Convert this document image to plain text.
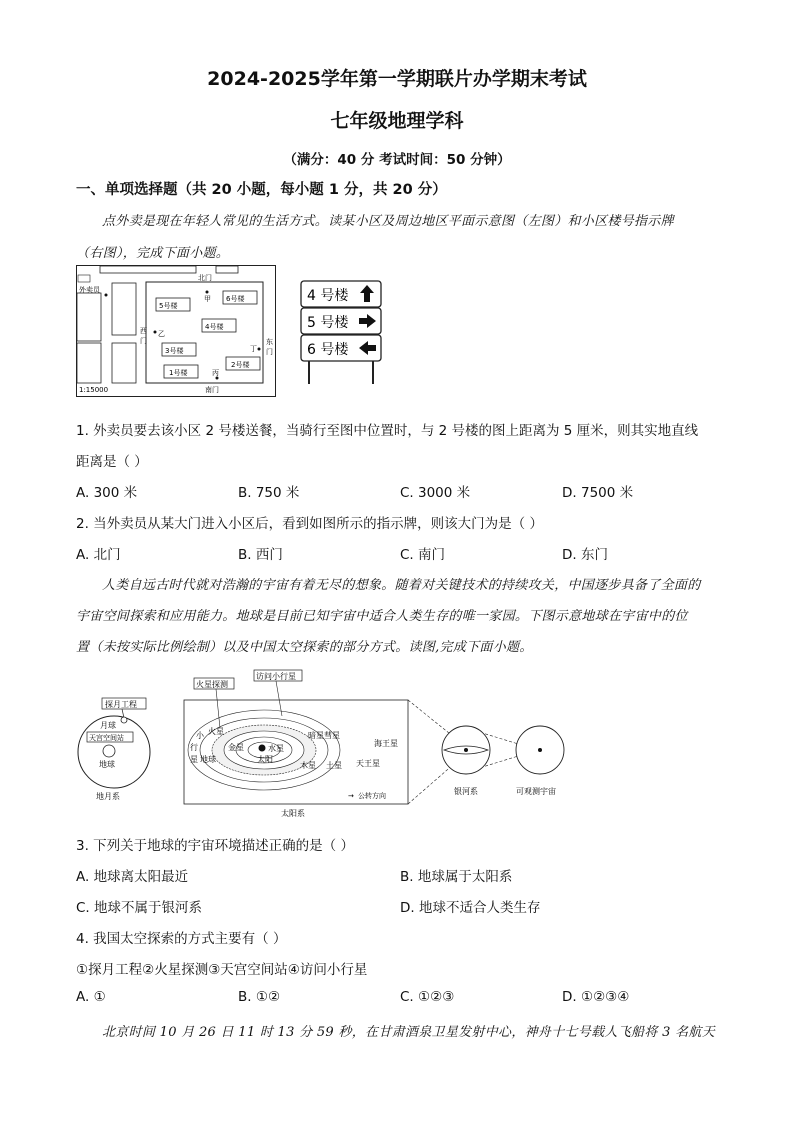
2024-2025学年第一学期联片办学期末考试
七年级地理学科
（满分：40 分 考试时间：50 分钟）
一、单项选择题（共 20 小题，每小题 1 分，共 20 分）
点外卖是现在年轻人常见的生活方式。读某小区及周边地区平面示意图（左图）和小区楼号指示牌
（右图），完成下面小题。
外卖员
北门
甲
西
门
乙
东
门
丁
丙
南门
5号楼
6号楼
4号楼
3号楼
2号楼
1号楼
1:15000
4 号楼
5 号楼
6 号楼
1. 外卖员要去该小区 2 号楼送餐，当骑行至图中位置时，与 2 号楼的图上距离为 5 厘米，则其实地直线
距离是（ ）
A. 300 米	B. 750 米	C. 3000 米	D. 7500 米
2. 当外卖员从某大门进入小区后，看到如图所示的指示牌，则该大门为是（ ）
A. 北门	B. 西门	C. 南门	D. 东门
人类自远古时代就对浩瀚的宇宙有着无尽的想象。随着对关键技术的持续攻关，中国逐步具备了全面的
宇宙空间探索和应用能力。地球是目前已知宇宙中适合人类生存的唯一家园。下图示意地球在宇宙中的位
置（未按实际比例绘制）以及中国太空探索的部分方式。读图,完成下面小题。
探月工程
月球
天宫空间站
地球
地月系
火星探测
访问小行星
小
行
星
火星
金星	水星
太阳
地球
暗星彗星
海王星
木星 土星 天王星
→ 公转方向
太阳系
银河系	可观测宇宙
3. 下列关于地球的宇宙环境描述正确的是（ ）
A. 地球离太阳最近	B. 地球属于太阳系
C. 地球不属于银河系	D. 地球不适合人类生存
4. 我国太空探索的方式主要有（ ）
①探月工程②火星探测③天宫空间站④访问小行星
A. ①	B. ①②	C. ①②③	D. ①②③④
北京时间 10 月 26 日 11 时 13 分 59 秒，在甘肃酒泉卫星发射中心，神舟十七号载人飞船将 3 名航天
